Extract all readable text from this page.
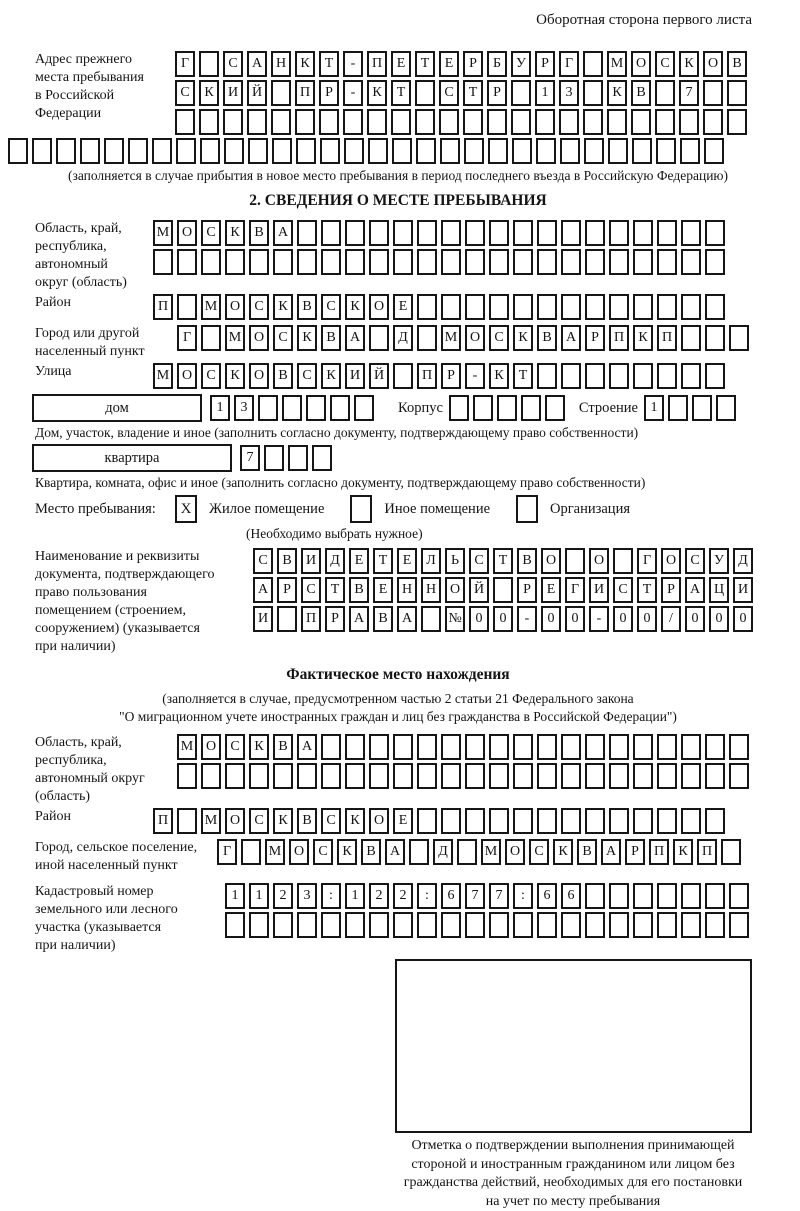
Оборотная сторона первого листа
Адрес прежнего
места пребывания
в Российской
Федерации
Г	С	А Н	К	Т	-	П	Е	Т	Е	Р	Б	У	Р	Г	М О	С	К	О	В
С	К	И Й	П	Р	-	К	Т	С	Т	Р	1	3	К	В	7
(заполняется в случае прибытия в новое место пребывания в период последнего въезда в Российскую Федерацию)
2. СВЕДЕНИЯ О МЕСТЕ ПРЕБЫВАНИЯ
Область, край,
республика,
автономный
округ (область)
М О	С	К	В	А
Район	П	М О	С	К	В	С	К	О	Е
Город или другой
населенный пункт
Г	М О	С	К	В	А	Д	М О	С	К	В	А	Р	П	К	П
Улица	М О	С	К	О	В	С	К	И Й	П	Р	-	К	Т
дом	1	3	Корпус	Строение 1
Дом, участок, владение и иное (заполнить согласно документу, подтверждающему право собственности)
квартира	7
Квартира, комната, офис и иное (заполнить согласно документу, подтверждающему право собственности)
Место пребывания:	X	Жилое помещение	Иное помещение	Организация
(Необходимо выбрать нужное)
Наименование и реквизиты
документа, подтверждающего
право пользования
помещением (строением,
сооружением) (указывается
при наличии)
С	В	И	Д	Е	Т	Е	Л	Ь	С	Т	В	О	О	Г	О	С	У	Д
А	Р	С	Т	В	Е	Н Н О Й	Р	Е	Г	И	С	Т	Р	А Ц И
И	П	Р	А	В	А	№ 0	0	-	0	0	-	0	0	/	0	0	0
Фактическое место нахождения
(заполняется в случае, предусмотренном частью 2 статьи 21 Федерального закона
"О миграционном учете иностранных граждан и лиц без гражданства в Российской Федерации")
Область, край,
республика,
автономный округ
(область)
М О	С	К	В	А
Район	П	М О	С	К	В	С	К	О	Е
Город, сельское поселение,
иной населенный пункт
Г	М О	С	К	В	А	Д	М О	С	К	В	А	Р	П	К	П
Кадастровый номер
земельного или лесного
участка (указывается
при наличии)
1	1	2	3	:	1	2	2	:	6	7	7	:	6	6
Отметка о подтверждении выполнения принимающей
стороной и иностранным гражданином или лицом без
гражданства действий, необходимых для его постановки
на учет по месту пребывания
